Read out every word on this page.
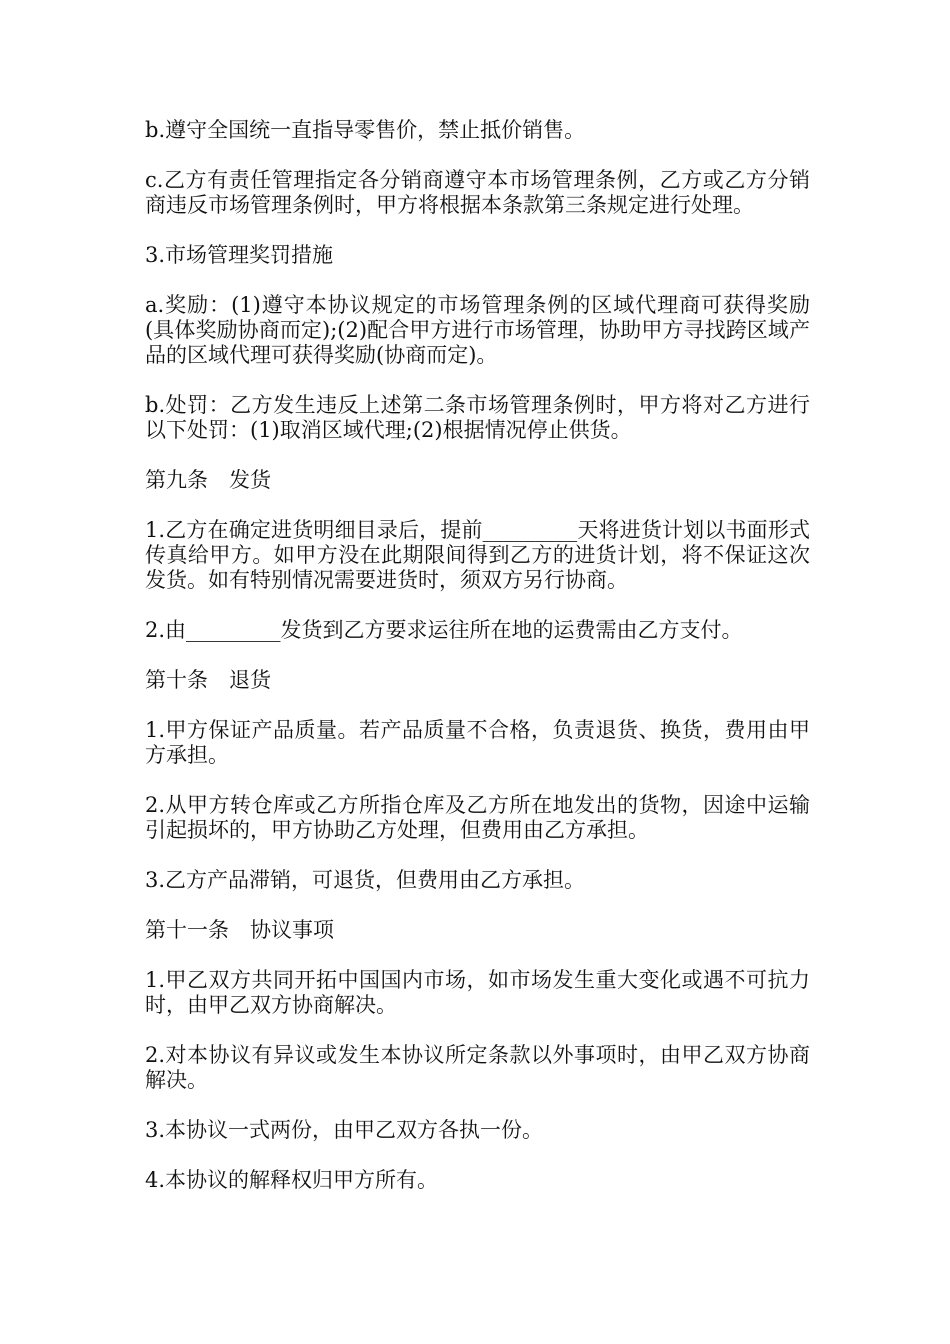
b.遵守全国统一直指导零售价，禁止抵价销售。

c.乙方有责任管理指定各分销商遵守本市场管理条例，乙方或乙方分销商违反市场管理条例时，甲方将根据本条款第三条规定进行处理。

3.市场管理奖罚措施

a.奖励：(1)遵守本协议规定的市场管理条例的区域代理商可获得奖励(具体奖励协商而定);(2)配合甲方进行市场管理，协助甲方寻找跨区域产品的区域代理可获得奖励(协商而定)。

b.处罚：乙方发生违反上述第二条市场管理条例时，甲方将对乙方进行以下处罚：(1)取消区域代理;(2)根据情况停止供货。

第九条　发货

1.乙方在确定进货明细目录后，提前_________天将进货计划以书面形式传真给甲方。如甲方没在此期限间得到乙方的进货计划，将不保证这次发货。如有特别情况需要进货时，须双方另行协商。

2.由_________发货到乙方要求运往所在地的运费需由乙方支付。

第十条　退货

1.甲方保证产品质量。若产品质量不合格，负责退货、换货，费用由甲方承担。

2.从甲方转仓库或乙方所指仓库及乙方所在地发出的货物，因途中运输引起损坏的，甲方协助乙方处理，但费用由乙方承担。

3.乙方产品滞销，可退货，但费用由乙方承担。

第十一条　协议事项

1.甲乙双方共同开拓中国国内市场，如市场发生重大变化或遇不可抗力时，由甲乙双方协商解决。

2.对本协议有异议或发生本协议所定条款以外事项时，由甲乙双方协商解决。

3.本协议一式两份，由甲乙双方各执一份。

4.本协议的解释权归甲方所有。
